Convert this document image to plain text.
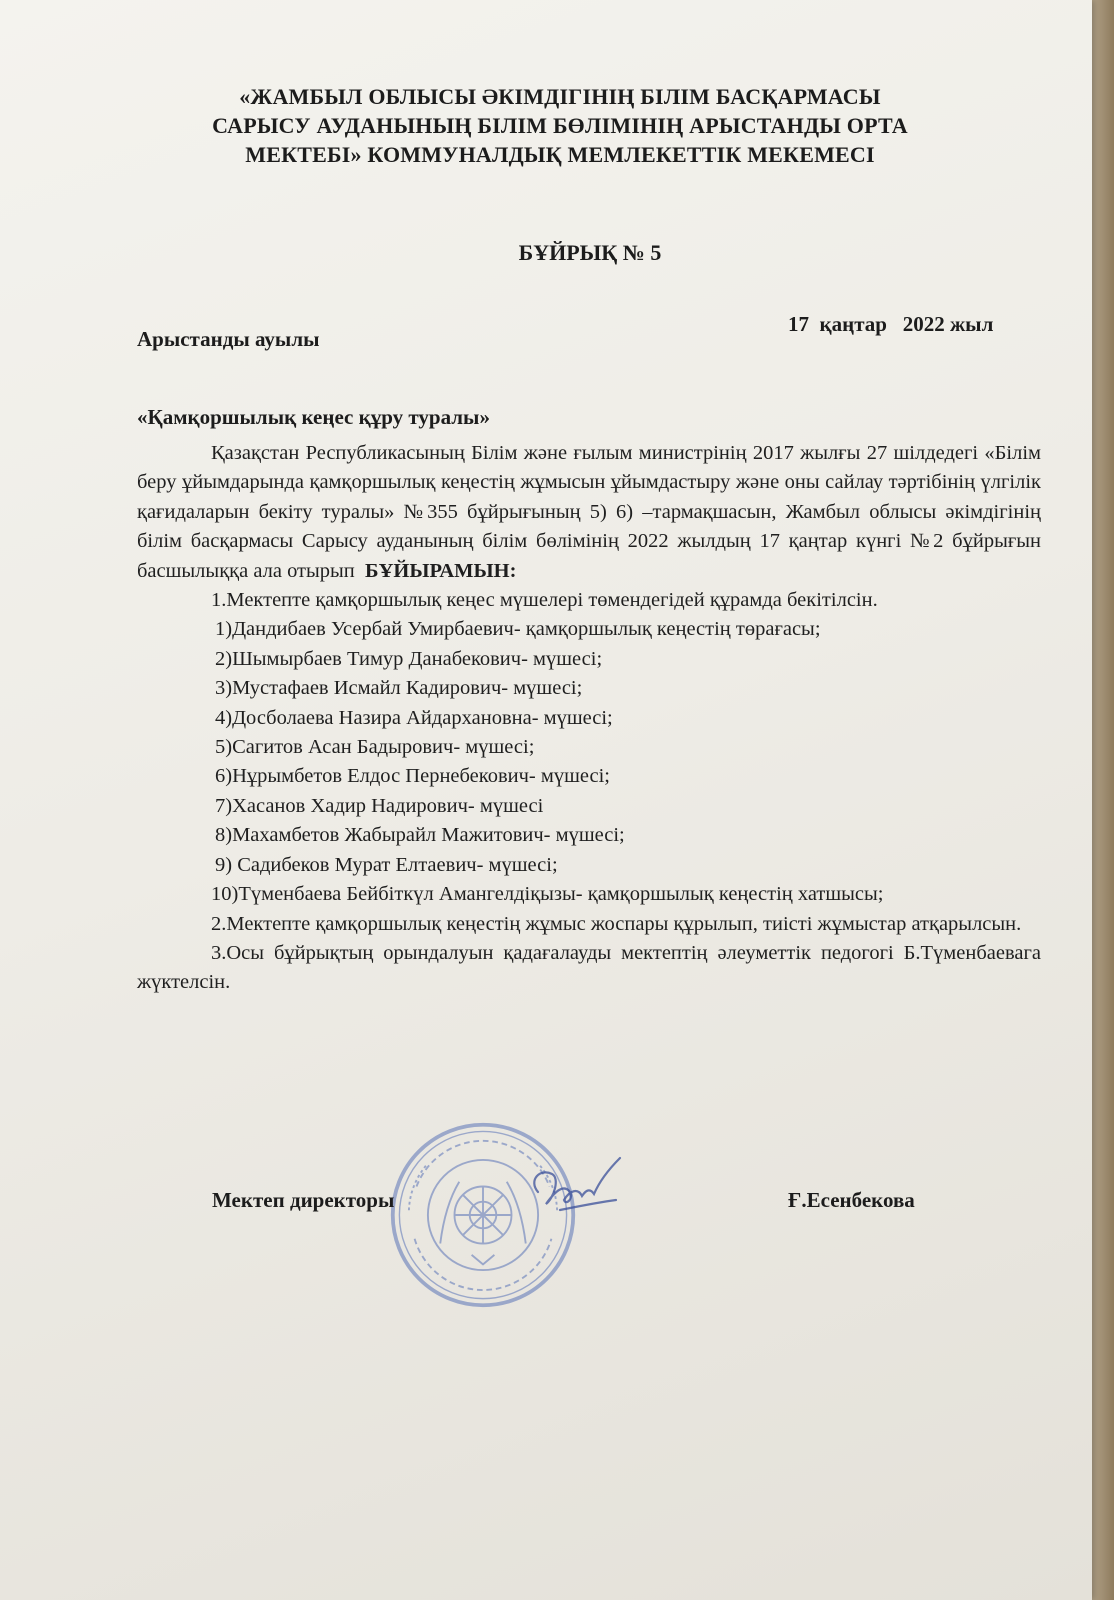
«ЖАМБЫЛ ОБЛЫСЫ ӘКІМДІГІНІҢ БІЛІМ БАСҚАРМАСЫ
САРЫСУ АУДАНЫНЫҢ БІЛІМ БӨЛІМІНІҢ АРЫСТАНДЫ ОРТА
МЕКТЕБІ» КОММУНАЛДЫҚ МЕМЛЕКЕТТІК МЕКЕМЕСІ
БҰЙРЫҚ № 5
Арыстанды ауылы
17  қаңтар   2022 жыл
«Қамқоршылық кеңес құру туралы»

Қазақстан Республикасының Білім және ғылым министрінің 2017 жылғы 27 шілдедегі «Білім беру ұйымдарында қамқоршылық кеңестің жұмысын ұйымдастыру және оны сайлау тәртібінің үлгілік қағидаларын бекіту туралы» №355 бұйрығының 5) 6) –тармақшасын, Жамбыл облысы әкімдігінің білім басқармасы Сарысу ауданының білім бөлімінің 2022 жылдың 17 қаңтар күнгі №2 бұйрығын басшылыққа ала отырып БҰЙЫРАМЫН:

1.Мектепте қамқоршылық кеңес мүшелері төмендегідей құрамда бекітілсін.

1)Дандибаев Усербай Умирбаевич- қамқоршылық кеңестің төрағасы;

2)Шымырбаев Тимур Данабекович- мүшесі;

3)Мустафаев Исмайл Кадирович- мүшесі;

4)Досболаева Назира Айдархановна- мүшесі;

5)Сагитов Асан Бадырович- мүшесі;

6)Нұрымбетов Елдос Пернебекович- мүшесі;

7)Хасанов Хадир Надирович- мүшесі

8)Махамбетов Жабырайл Мажитович- мүшесі;

9) Садибеков Мурат Елтаевич- мүшесі;

10)Түменбаева Бейбіткүл Амангелдіқызы- қамқоршылық кеңестің хатшысы;

2.Мектепте қамқоршылық кеңестің жұмыс жоспары құрылып, тиісті жұмыстар атқарылсын.

3.Осы бұйрықтың орындалуын қадағалауды мектептің әлеуметтік педогогі Б.Түменбаевага жүктелсін.

Мектеп директоры	Ғ.Есенбекова
